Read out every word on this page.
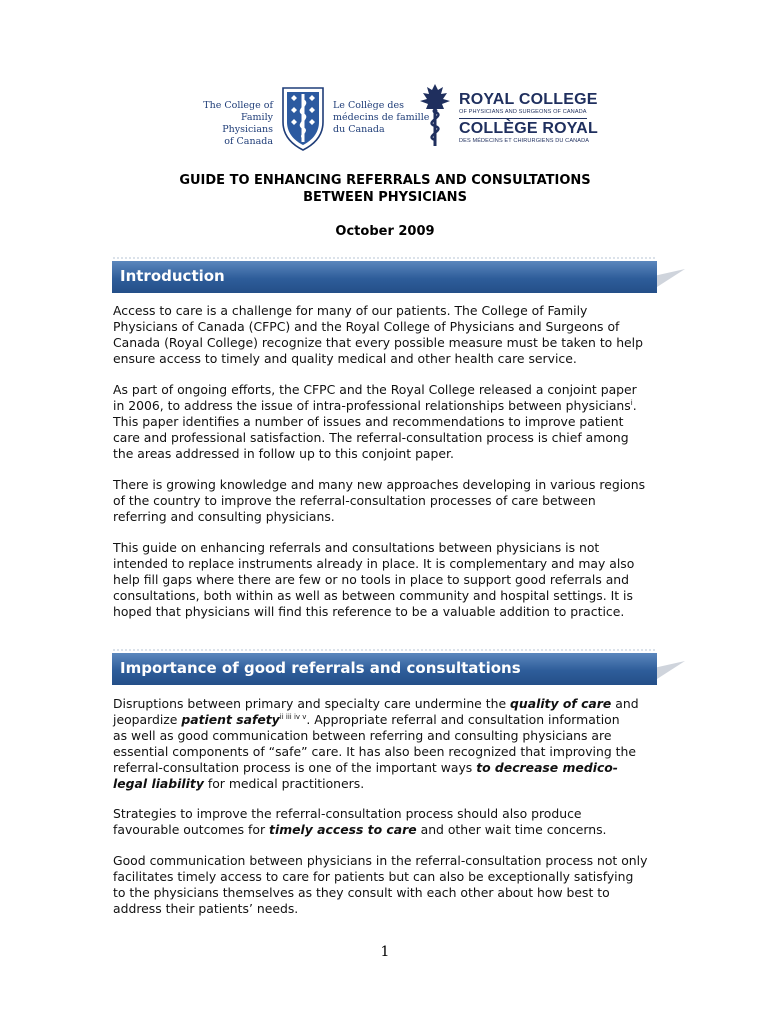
The College of
Family Physicians
of Canada
Le Collège des
médecins de famille
du Canada
ROYAL COLLEGE
OF PHYSICIANS AND SURGEONS OF CANADA
COLLÈGE ROYAL
DES MÉDECINS ET CHIRURGIENS DU CANADA
GUIDE TO ENHANCING REFERRALS AND CONSULTATIONS
BETWEEN PHYSICIANS
October 2009
Introduction
Access to care is a challenge for many of our patients. The College of Family
Physicians of Canada (CFPC) and the Royal College of Physicians and Surgeons of
Canada (Royal College) recognize that every possible measure must be taken to help
ensure access to timely and quality medical and other health care service.
As part of ongoing efforts, the CFPC and the Royal College released a conjoint paper
in 2006, to address the issue of intra-professional relationships between physicians$^i$.
This paper identifies a number of issues and recommendations to improve patient
care and professional satisfaction. The referral-consultation process is chief among
the areas addressed in follow up to this conjoint paper.
There is growing knowledge and many new approaches developing in various regions
of the country to improve the referral-consultation processes of care between
referring and consulting physicians.
This guide on enhancing referrals and consultations between physicians is not
intended to replace instruments already in place. It is complementary and may also
help fill gaps where there are few or no tools in place to support good referrals and
consultations, both within as well as between community and hospital settings. It is
hoped that physicians will find this reference to be a valuable addition to practice.
Importance of good referrals and consultations
Disruptions between primary and specialty care undermine the quality of care and
jeopardize patient safety$^{ii iii iv v}$. Appropriate referral and consultation information
as well as good communication between referring and consulting physicians are
essential components of “safe” care. It has also been recognized that improving the
referral-consultation process is one of the important ways to decrease medico-
legal liability for medical practitioners.
Strategies to improve the referral-consultation process should also produce
favourable outcomes for timely access to care and other wait time concerns.
Good communication between physicians in the referral-consultation process not only
facilitates timely access to care for patients but can also be exceptionally satisfying
to the physicians themselves as they consult with each other about how best to
address their patients’ needs.
1
